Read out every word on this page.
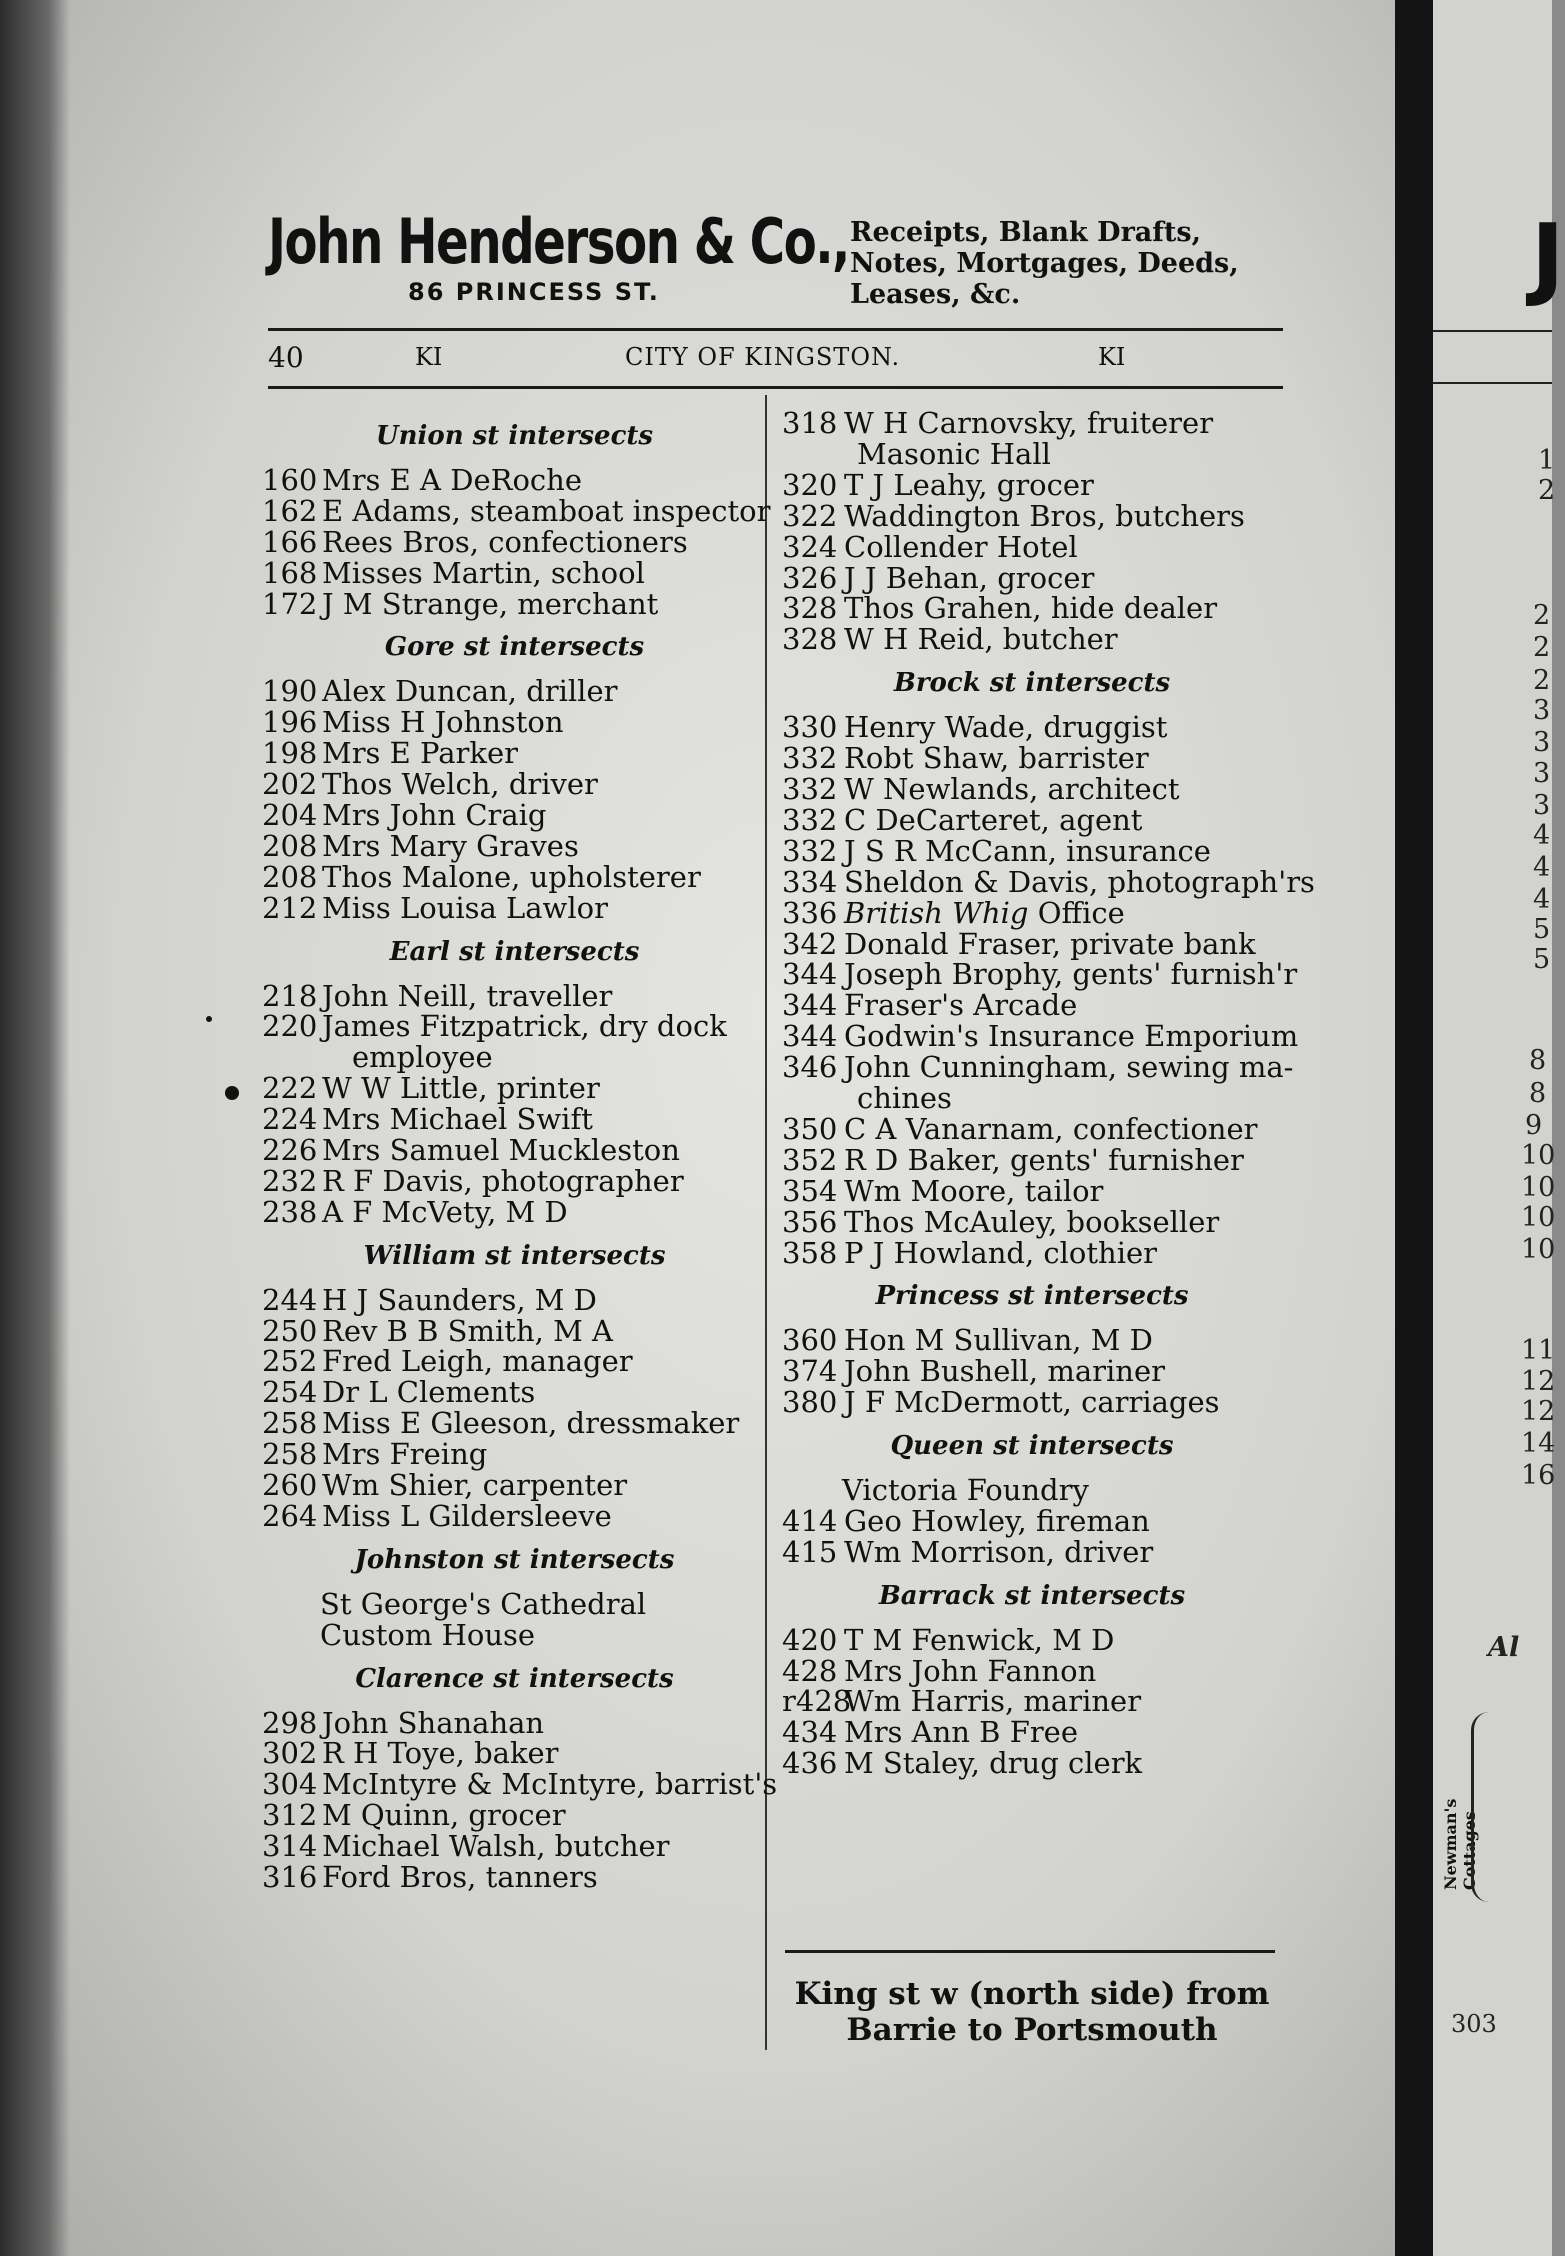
J
Al
Newman's Cottages
303
1
2
2
2
2
3
3
3
3
4
4
4
5
5
8
8
9
10
10
10
10
11
12
12
14
16
John Henderson & Co.,
86 PRINCESS ST.
Receipts, Blank Drafts,
Notes, Mortgages, Deeds,
Leases, &c.
40	KI	CITY OF KINGSTON.	KI
Union st intersects
160 Mrs E A DeRoche
162 E Adams, steamboat inspector
166 Rees Bros, confectioners
168 Misses Martin, school
172 J M Strange, merchant
Gore st intersects
190 Alex Duncan, driller
196 Miss H Johnston
198 Mrs E Parker
202 Thos Welch, driver
204 Mrs John Craig
208 Mrs Mary Graves
208 Thos Malone, upholsterer
212 Miss Louisa Lawlor
Earl st intersects
218 John Neill, traveller
220 James Fitzpatrick, dry dock
employee
222 W W Little, printer
224 Mrs Michael Swift
226 Mrs Samuel Muckleston
232 R F Davis, photographer
238 A F McVety, M D
William st intersects
244 H J Saunders, M D
250 Rev B B Smith, M A
252 Fred Leigh, manager
254 Dr L Clements
258 Miss E Gleeson, dressmaker
258 Mrs Freing
260 Wm Shier, carpenter
264 Miss L Gildersleeve
Johnston st intersects
St George's Cathedral
Custom House
Clarence st intersects
298 John Shanahan
302 R H Toye, baker
304 McIntyre & McIntyre, barrist's
312 M Quinn, grocer
314 Michael Walsh, butcher
316 Ford Bros, tanners
318 W H Carnovsky, fruiterer
Masonic Hall
320 T J Leahy, grocer
322 Waddington Bros, butchers
324 Collender Hotel
326 J J Behan, grocer
328 Thos Grahen, hide dealer
328 W H Reid, butcher
Brock st intersects
330 Henry Wade, druggist
332 Robt Shaw, barrister
332 W Newlands, architect
332 C DeCarteret, agent
332 J S R McCann, insurance
334 Sheldon & Davis, photograph'rs
336 British Whig Office
342 Donald Fraser, private bank
344 Joseph Brophy, gents' furnish'r
344 Fraser's Arcade
344 Godwin's Insurance Emporium
346 John Cunningham, sewing ma-
chines
350 C A Vanarnam, confectioner
352 R D Baker, gents' furnisher
354 Wm Moore, tailor
356 Thos McAuley, bookseller
358 P J Howland, clothier
Princess st intersects
360 Hon M Sullivan, M D
374 John Bushell, mariner
380 J F McDermott, carriages
Queen st intersects
Victoria Foundry
414 Geo Howley, fireman
415 Wm Morrison, driver
Barrack st intersects
420 T M Fenwick, M D
428 Mrs John Fannon
r428Wm Harris, mariner
434 Mrs Ann B Free
436 M Staley, drug clerk
King st w (north side) from
Barrie to Portsmouth
